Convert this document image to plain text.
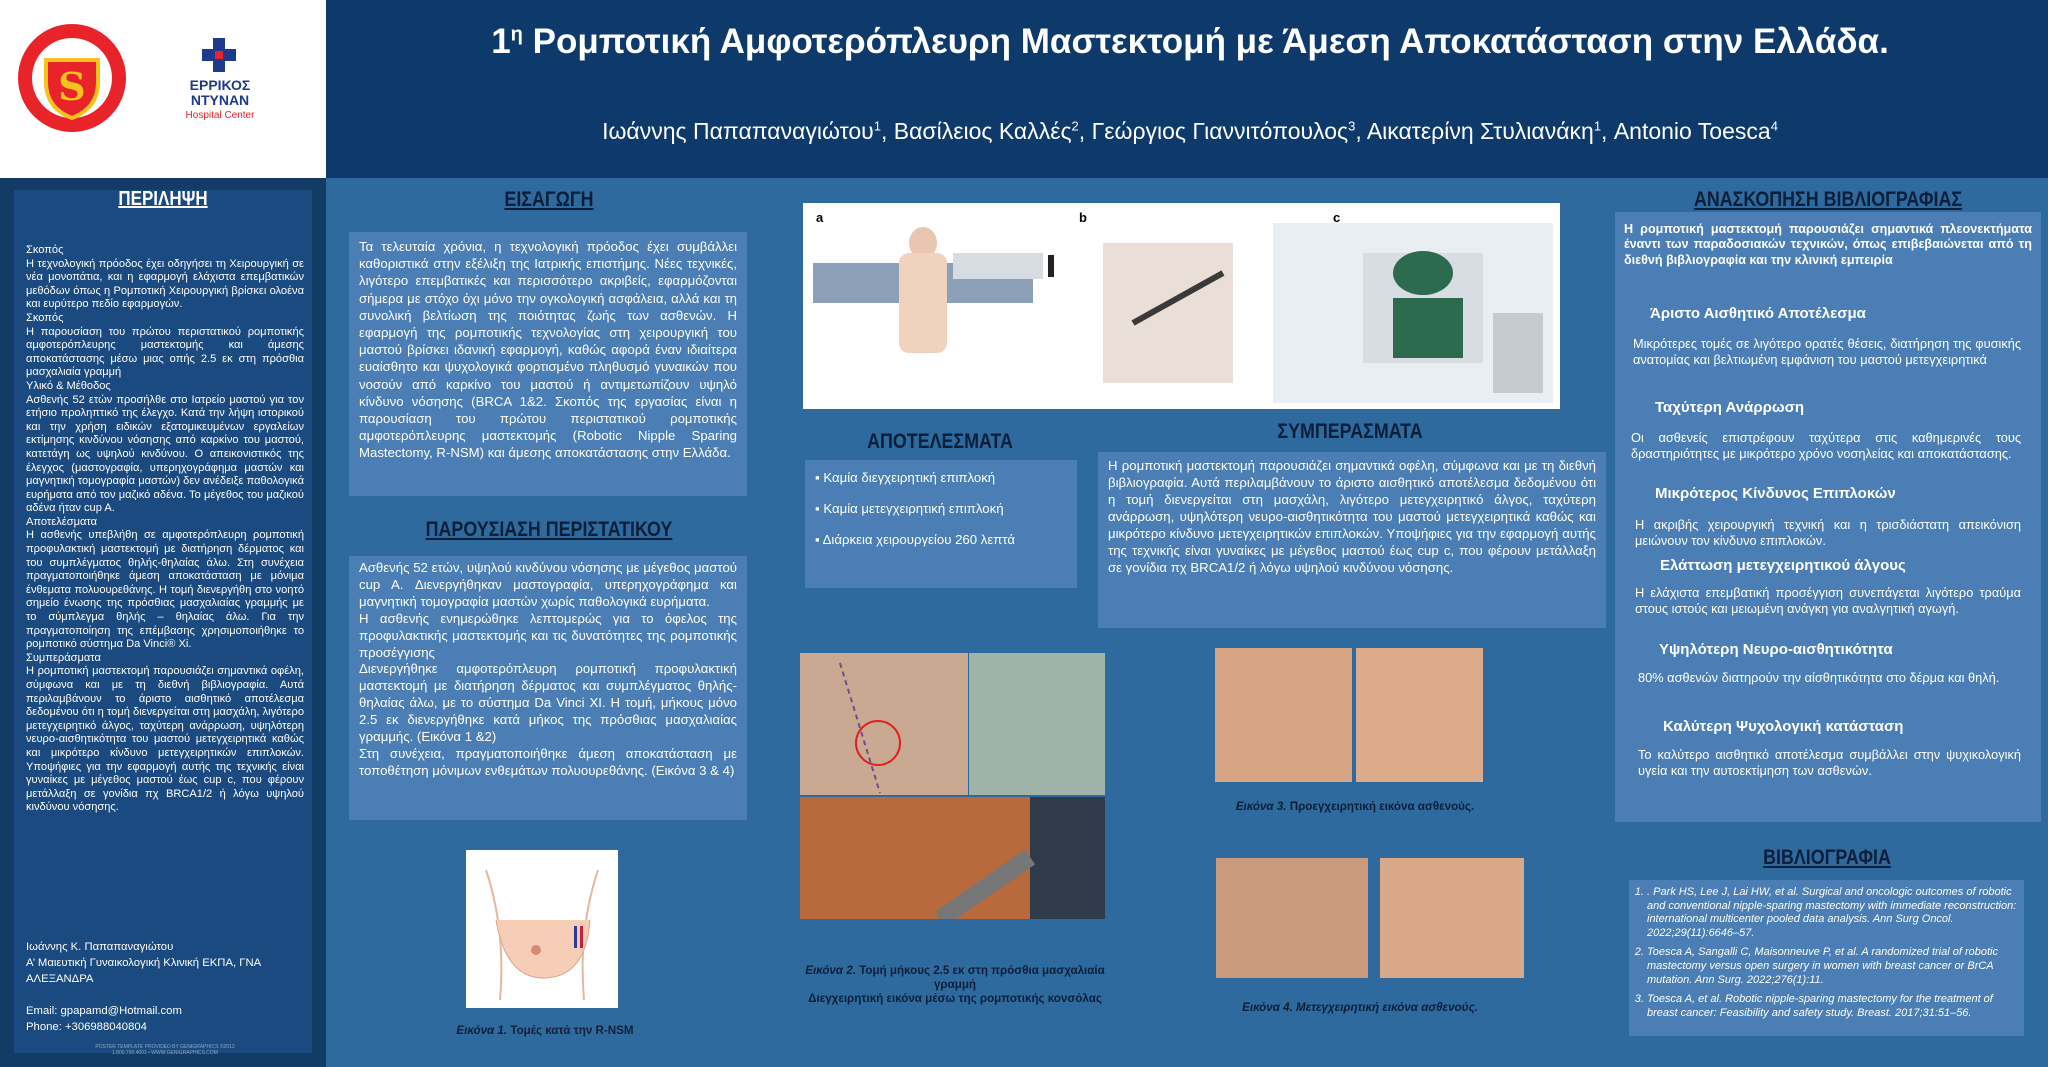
S	ΕΡΡΙΚΟΣ
ΝΤΥΝΑΝ
Hospital Center
$1^\eta$ Ρομποτική Αμφοτερόπλευρη Μαστεκτομή με Άμεση Αποκατάσταση στην Ελλάδα.
Ιωάννης Παπαπαναγιώτου$^1$, Βασίλειος Καλλές$^2$, Γεώργιος Γιαννιτόπουλος$^3$, Αικατερίνη Στυλιανάκη$^1$, Antonio Toesca$^4$
ΠΕΡΙΛΗΨΗ
Σκοπός
Η τεχνολογική πρόοδος έχει οδηγήσει τη Χειρουργική σε νέα μονοπάτια, και η εφαρμογή ελάχιστα επεμβατικών μεθόδων όπως η Ρομποτική Χειρουργική βρίσκει ολοένα και ευρύτερο πεδίο εφαρμογών.
Σκοπός
Η παρουσίαση του πρώτου περιστατικού ρομποτικής αμφοτερόπλευρης μαστεκτομής και άμεσης αποκατάστασης μέσω μιας οπής 2.5 εκ στη πρόσθια μασχαλιαία γραμμή
Υλικό & Μέθοδος
Ασθενής 52 ετών προσήλθε στο Ιατρείο μαστού για τον ετήσιο προληπτικό της έλεγχο. Κατά την λήψη ιστορικού και την χρήση ειδικών εξατομικευμένων εργαλείων εκτίμησης κινδύνου νόσησης από καρκίνο του μαστού, κατετάγη ως υψηλού κινδύνου. Ο απεικονιστικός της έλεγχος (μαστογραφία, υπερηχογράφημα μαστών και μαγνητική τομογραφία μαστών) δεν ανέδειξε παθολογικά ευρήματα από τον μαζικό αδένα. Το μέγεθος του μαζικού αδένα ήταν cup A.
Αποτελέσματα
Η ασθενής υπεβλήθη σε αμφοτερόπλευρη ρομποτική προφυλακτική μαστεκτομή με διατήρηση δέρματος και του συμπλέγματος θηλής-θηλαίας άλω. Στη συνέχεια πραγματοποιήθηκε άμεση αποκατάσταση με μόνιμα ένθεματα πολυουρεθάνης. Η τομή διενεργήθη στο νοητό σημείο ένωσης της πρόσθιας μασχαλιαίας γραμμής με το σύμπλεγμα θηλής – θηλαίας άλω. Για την πραγματοποίηση της επέμβασης χρησιμοποιήθηκε το ρομποτικό σύστημα Da Vinci® Xi.
Συμπεράσματα
Η ρομποτική μαστεκτομή παρουσιάζει σημαντικά οφέλη, σύμφωνα και με τη διεθνή βιβλιογραφία. Αυτά περιλαμβάνουν το άριστο αισθητικό αποτέλεσμα δεδομένου ότι η τομή διενεργείται στη μασχάλη, λιγότερο μετεγχειρητικό άλγος, ταχύτερη ανάρρωση, υψηλότερη νευρο-αισθητικότητα του μαστού μετεγχειρητικά καθώς και μικρότερο κίνδυνο μετεγχειρητικών επιπλοκών. Υποψήφιες για την εφαρμογή αυτής της τεχνικής είναι γυναίκες με μέγεθος μαστού έως cup c, που φέρουν μετάλλαξη σε γονίδια πχ BRCA1/2 ή λόγω υψηλού κινδύνου νόσησης.
Ιωάννης Κ. Παπαπαναγιώτου
Α’ Μαιευτική Γυναικολογική Κλινική ΕΚΠΑ, ΓΝΑ ΑΛΕΞΑΝΔΡΑ

Email: gpapamd@Hotmail.com
Phone: +306988040804
POSTER TEMPLATE PROVIDED BY GENIGRAPHICS ©2012
1.800.790.4001 • WWW.GENIGRAPHICS.COM
ΕΙΣΑΓΩΓΗ

Τα τελευταία χρόνια, η τεχνολογική πρόοδος έχει συμβάλλει καθοριστικά στην εξέλιξη της Ιατρικής επιστήμης. Νέες τεχνικές, λιγότερο επεμβατικές και περισσότερο ακριβείς, εφαρμόζονται σήμερα με στόχο όχι μόνο την ογκολογική ασφάλεια, αλλά και τη συνολική βελτίωση της ποιότητας ζωής των ασθενών. Η εφαρμογή της ρομποτικής τεχνολογίας στη χειρουργική του μαστού βρίσκει ιδανική εφαρμογή, καθώς αφορά έναν ιδιαίτερα ευαίσθητο και ψυχολογικά φορτισμένο πληθυσμό γυναικών που νοσούν από καρκίνο του μαστού ή αντιμετωπίζουν υψηλό κίνδυνο νόσησης (BRCA 1&2. Σκοπός της εργασίας είναι η παρουσίαση του πρώτου περιστατικού ρομποτικής αμφοτερόπλευρης μαστεκτομής (Robotic Nipple Sparing Mastectomy, R-NSM) και άμεσης αποκατάστασης στην Ελλάδα.

ΠΑΡΟΥΣΙΑΣΗ ΠΕΡΙΣΤΑΤΙΚΟΥ
Ασθενής 52 ετών, υψηλού κινδύνου νόσησης με μέγεθος μαστού cup A. Διενεργήθηκαν μαστογραφία, υπερηχογράφημα και μαγνητική τομογραφία μαστών χωρίς παθολογικά ευρήματα.
Η ασθενής ενημερώθηκε λεπτομερώς για το όφελος της προφυλακτικής μαστεκτομής και τις δυνατότητες της ρομποτικής προσέγγισης
Διενεργήθηκε αμφοτερόπλευρη ρομποτική προφυλακτική μαστεκτομή με διατήρηση δέρματος και συμπλέγματος θηλής-θηλαίας άλω, με το σύστημα Da Vinci XI. Η τομή, μήκους μόνο 2.5 εκ διενεργήθηκε κατά μήκος της πρόσθιας μασχαλιαίας γραμμής. (Εικόνα 1 &2)
Στη συνέχεια, πραγματοποιήθηκε άμεση αποκατάσταση με τοποθέτηση μόνιμων ενθεμάτων πολυουρεθάνης. (Εικόνα 3 & 4)
Εικόνα 1. Τομές κατά την R-NSM
a	b	c
ΑΠΟΤΕΛΕΣΜΑΤΑ
▪ Καμία διεγχειρητική επιπλοκή
▪ Καμία μετεγχειρητική επιπλοκή
▪ Διάρκεια χειρουργείου 260 λεπτά
ΣΥΜΠΕΡΑΣΜΑΤΑ

Η ρομποτική μαστεκτομή παρουσιάζει σημαντικά οφέλη, σύμφωνα και με τη διεθνή βιβλιογραφία. Αυτά περιλαμβάνουν το άριστο αισθητικό αποτέλεσμα δεδομένου ότι η τομή διενεργείται στη μασχάλη, λιγότερο μετεγχειρητικό άλγος, ταχύτερη ανάρρωση, υψηλότερη νευρο-αισθητικότητα του μαστού μετεγχειρητικά καθώς και μικρότερο κίνδυνο μετεγχειρητικών επιπλοκών. Υποψήφιες για την εφαρμογή αυτής της τεχνικής είναι γυναίκες με μέγεθος μαστού έως cup c, που φέρουν μετάλλαξη σε γονίδια πχ BRCA1/2 ή λόγω υψηλού κινδύνου νόσησης.

Εικόνα 2. Τομή μήκους 2.5 εκ στη πρόσθια μασχαλιαία γραμμή
Διεγχειρητική εικόνα μέσω της ρομποτικής κονσόλας
Εικόνα 3. Προεγχειρητική εικόνα ασθενούς.
Εικόνα 4. Μετεγχειρητική εικόνα ασθενούς.
ΑΝΑΣΚΟΠΗΣΗ ΒΙΒΛΙΟΓΡΑΦΙΑΣ
Η ρομποτική μαστεκτομή παρουσιάζει σημαντικά πλεονεκτήματα έναντι των παραδοσιακών τεχνικών, όπως επιβεβαιώνεται από τη διεθνή βιβλιογραφία και την κλινική εμπειρία
Άριστο Αισθητικό Αποτέλεσμα
Μικρότερες τομές σε λιγότερο ορατές θέσεις, διατήρηση της φυσικής ανατομίας και βελτιωμένη εμφάνιση του μαστού μετεγχειρητικά
Ταχύτερη Ανάρρωση
Οι ασθενείς επιστρέφουν ταχύτερα στις καθημερινές τους δραστηριότητες με μικρότερο χρόνο νοσηλείας και αποκατάστασης.
Μικρότερος Κίνδυνος Επιπλοκών
Η ακριβής χειρουργική τεχνική και η τρισδιάστατη απεικόνιση μειώνουν τον κίνδυνο επιπλοκών.
Ελάττωση μετεγχειρητικού άλγους
Η ελάχιστα επεμβατική προσέγγιση συνεπάγεται λιγότερο τραύμα στους ιστούς και μειωμένη ανάγκη για αναλγητική αγωγή.
Υψηλότερη Νευρο-αισθητικότητα
80% ασθενών διατηρούν την αίσθητικότητα στο δέρμα και θηλή.
Καλύτερη Ψυχολογική κατάσταση
Το καλύτερο αισθητικό αποτέλεσμα συμβάλλει στην ψυχικολογική υγεία και την αυτοεκτίμηση των ασθενών.
ΒΙΒΛΙΟΓΡΑΦΙΑ
1. . Park HS, Lee J, Lai HW, et al. Surgical and oncologic outcomes of robotic and conventional nipple-sparing mastectomy with immediate reconstruction: international multicenter pooled data analysis. Ann Surg Oncol. 2022;29(11):6646–57.
2. Toesca A, Sangalli C, Maisonneuve P, et al. A randomized trial of robotic mastectomy versus open surgery in women with breast cancer or BrCA mutation. Ann Surg. 2022;276(1):11.
3. Toesca A, et al. Robotic nipple-sparing mastectomy for the treatment of breast cancer: Feasibility and safety study. Breast. 2017;31:51–56.
